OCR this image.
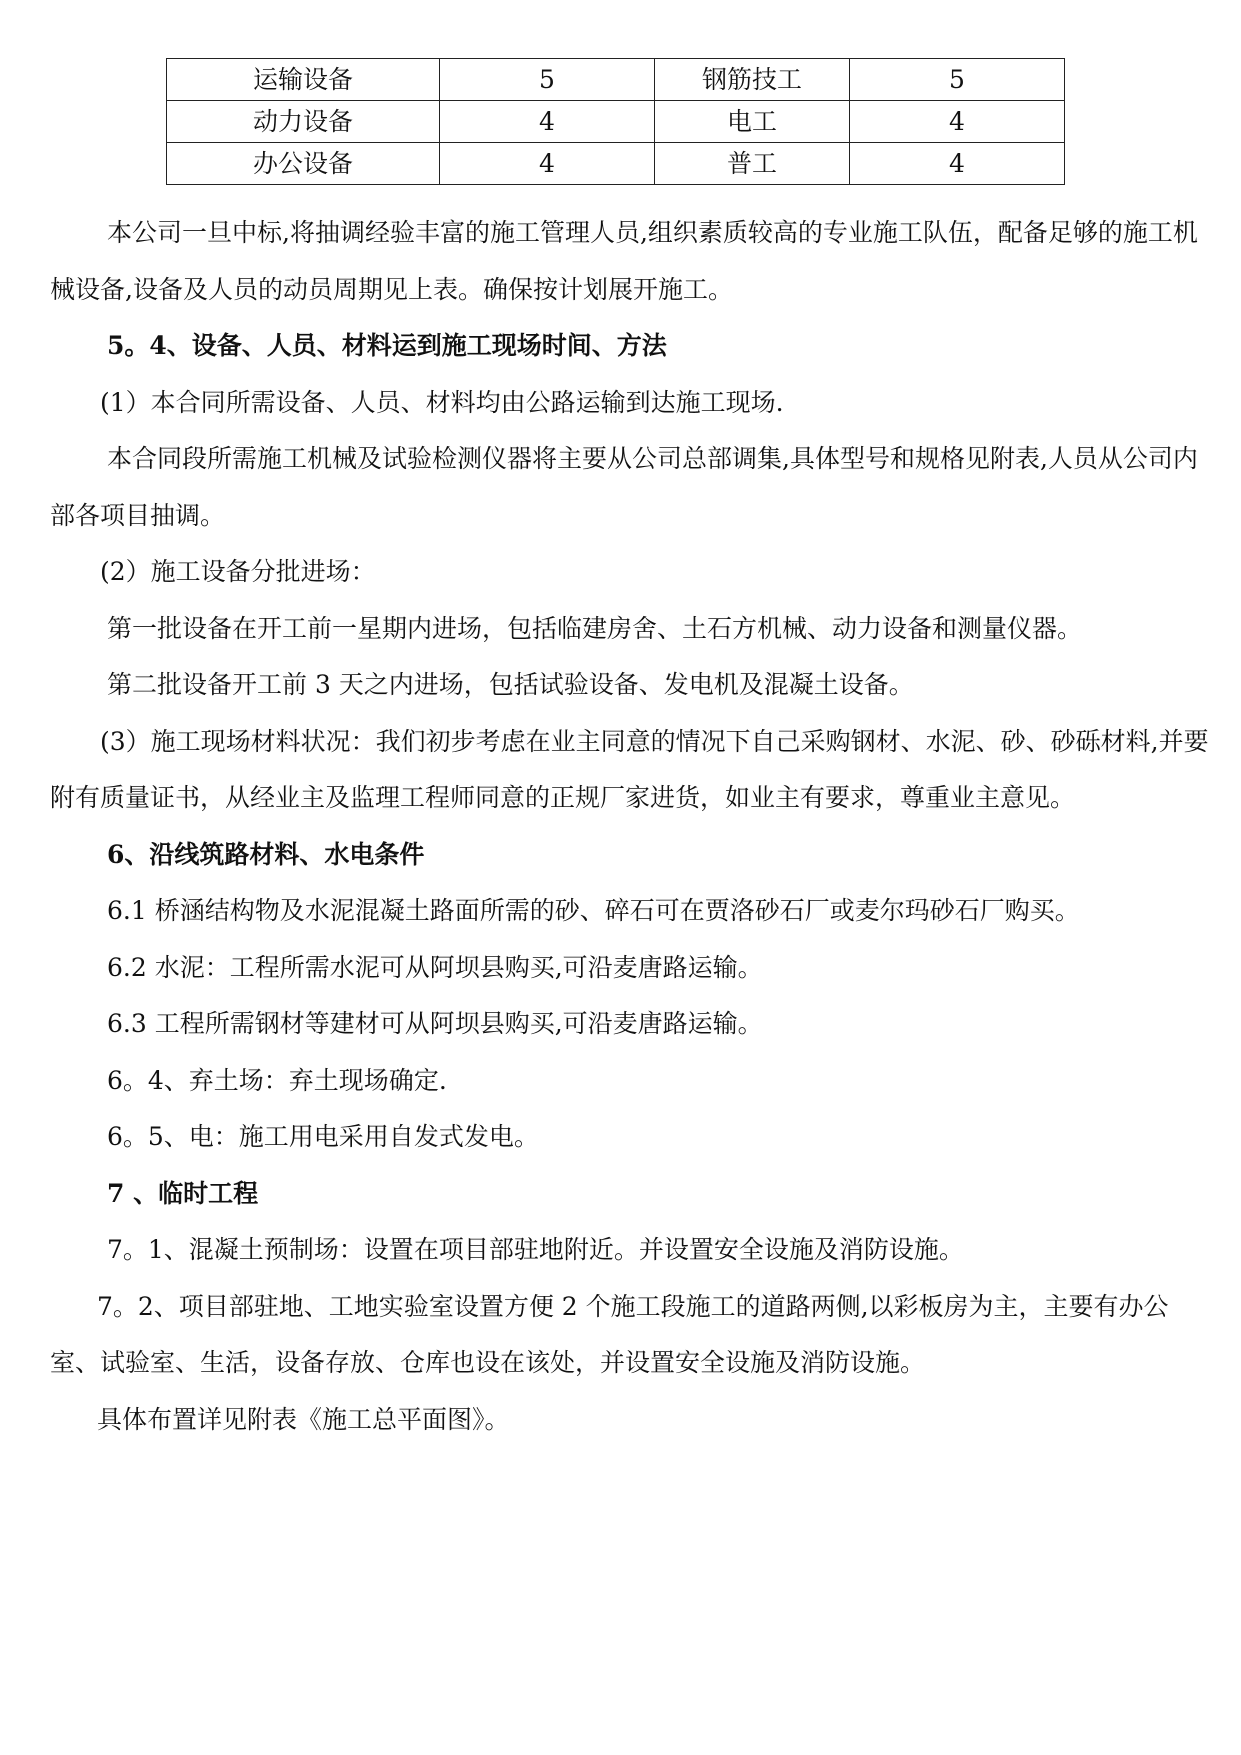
运输设备	5	钢筋技工	5
动力设备	4	电工	4
办公设备	4	普工	4

本公司一旦中标,将抽调经验丰富的施工管理人员,组织素质较高的专业施工队伍，配备足够的施工机械设备,设备及人员的动员周期见上表。确保按计划展开施工。

5。4、设备、人员、材料运到施工现场时间、方法

(1）本合同所需设备、人员、材料均由公路运输到达施工现场.

本合同段所需施工机械及试验检测仪器将主要从公司总部调集,具体型号和规格见附表,人员从公司内部各项目抽调。

(2）施工设备分批进场：

第一批设备在开工前一星期内进场，包括临建房舍、土石方机械、动力设备和测量仪器。

第二批设备开工前 3 天之内进场，包括试验设备、发电机及混凝土设备。

(3）施工现场材料状况：我们初步考虑在业主同意的情况下自己采购钢材、水泥、砂、砂砾材料,并要附有质量证书，从经业主及监理工程师同意的正规厂家进货，如业主有要求，尊重业主意见。

6、沿线筑路材料、水电条件

6.1 桥涵结构物及水泥混凝土路面所需的砂、碎石可在贾洛砂石厂或麦尔玛砂石厂购买。

6.2 水泥：工程所需水泥可从阿坝县购买,可沿麦唐路运输。

6.3 工程所需钢材等建材可从阿坝县购买,可沿麦唐路运输。

6。4、弃土场：弃土现场确定.

6。5、电：施工用电采用自发式发电。

7 、临时工程

7。1、混凝土预制场：设置在项目部驻地附近。并设置安全设施及消防设施。

7。2、项目部驻地、工地实验室设置方便 2 个施工段施工的道路两侧,以彩板房为主，主要有办公室、试验室、生活，设备存放、仓库也设在该处，并设置安全设施及消防设施。

具体布置详见附表《施工总平面图》。
